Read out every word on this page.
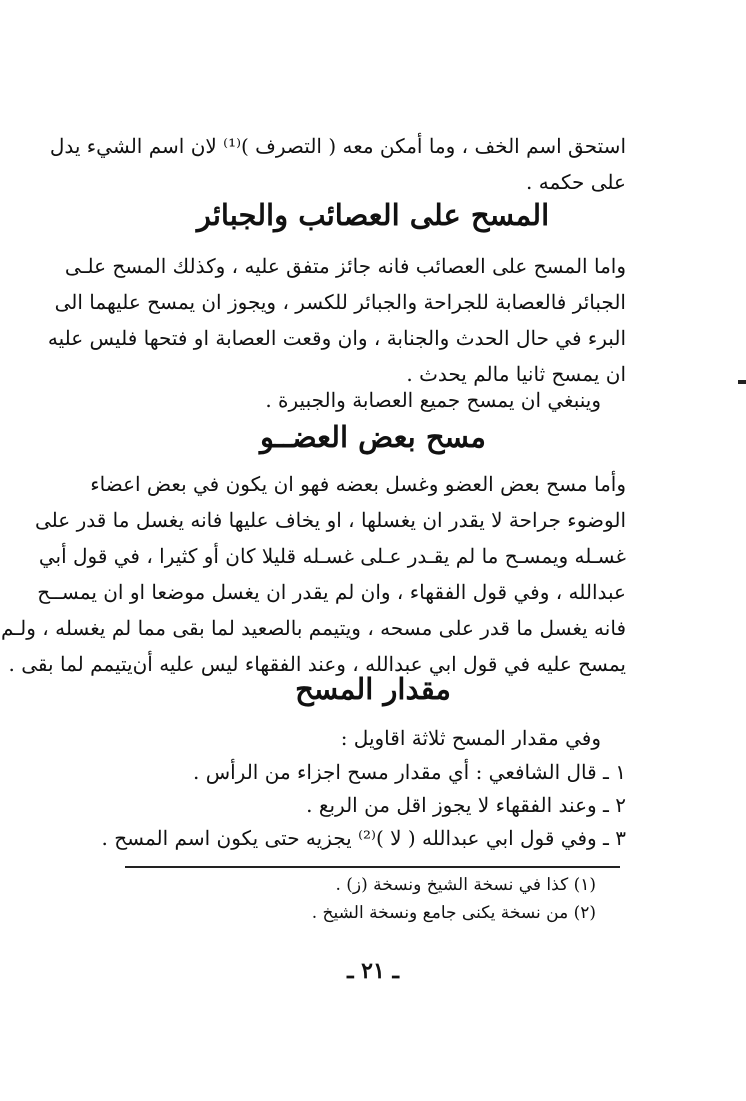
استحق اسم الخف ، وما أمكن معه ( التصرف )⁽¹⁾ لان اسم الشيء يدل
على حكمه .
المسح على العصائب والجبائر
واما المسح على العصائب فانه جائز متفق عليه ، وكذلك المسح علـى
الجبائر فالعصابة للجراحة والجبائر للكسر ، ويجوز ان يمسح عليهما الى
البرء في حال الحدث والجنابة ، وان وقعت العصابة او فتحها فليس عليه
ان يمسح ثانيا مالم يحدث .
وينبغي ان يمسح جميع العصابة والجبيرة .
مسح بعض العضــو
وأما مسح بعض العضو وغسل بعضه فهو ان يكون في بعض اعضاء
الوضوء جراحة لا يقدر ان يغسلها ، او يخاف عليها فانه يغسل ما قدر على
غسـله ويمسـح ما لم يقـدر عـلى غسـله قليلا كان أو كثيرا ، في قول أبي
عبدالله ، وفي قول الفقهاء ، وان لم يقدر ان يغسل موضعا او ان يمســح
فانه يغسل ما قدر على مسحه ، ويتيمم بالصعيد لما بقى مما لم يغسله ، ولـم
يمسح عليه في قول ابي عبدالله ، وعند الفقهاء ليس عليه أن‌يتيمم لما بقى .
مقدار المسح
وفي مقدار المسح ثلاثة اقاويل :
١ ـ قال الشافعي : أي مقدار مسح اجزاء من الرأس .
٢ ـ وعند الفقهاء لا يجوز اقل من الربع .
٣ ـ وفي قول ابي عبدالله ( لا )⁽²⁾ يجزيه حتى يكون اسم المسح .
(١) كذا في نسخة الشيخ ونسخة (ز) .
(٢) من نسخة يكنى جامع ونسخة الشيخ .
ـ ٢١ ـ
